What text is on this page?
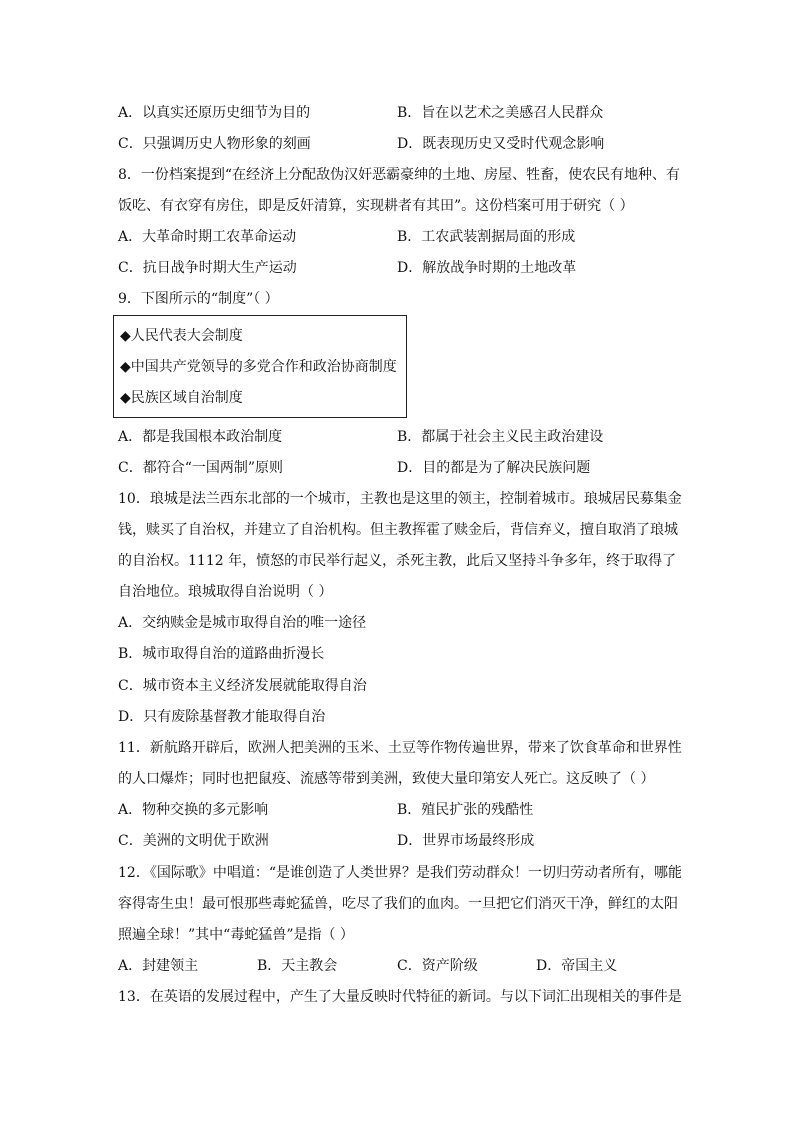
A．以真实还原历史细节为目的	B．旨在以艺术之美感召人民群众
C．只强调历史人物形象的刻画	D．既表现历史又受时代观念影响
8．一份档案提到“在经济上分配敌伪汉奸恶霸豪绅的土地、房屋、牲畜，使农民有地种、有
饭吃、有衣穿有房住，即是反奸清算，实现耕者有其田”。这份档案可用于研究（ ）
A．大革命时期工农革命运动	B．工农武装割据局面的形成
C．抗日战争时期大生产运动	D．解放战争时期的土地改革
9．下图所示的“制度”（ ）
◆人民代表大会制度
◆中国共产党领导的多党合作和政治协商制度
◆民族区域自治制度
A．都是我国根本政治制度	B．都属于社会主义民主政治建设
C．都符合“一国两制”原则	D．目的都是为了解决民族问题
10．琅城是法兰西东北部的一个城市，主教也是这里的领主，控制着城市。琅城居民募集金
钱，赎买了自治权，并建立了自治机构。但主教挥霍了赎金后，背信弃义，擅自取消了琅城
的自治权。1112 年，愤怒的市民举行起义，杀死主教，此后又坚持斗争多年，终于取得了
自治地位。琅城取得自治说明（ ）
A．交纳赎金是城市取得自治的唯一途径
B．城市取得自治的道路曲折漫长
C．城市资本主义经济发展就能取得自治
D．只有废除基督教才能取得自治
11．新航路开辟后，欧洲人把美洲的玉米、土豆等作物传遍世界，带来了饮食革命和世界性
的人口爆炸；同时也把鼠疫、流感等带到美洲，致使大量印第安人死亡。这反映了（ ）
A．物种交换的多元影响	B．殖民扩张的残酷性
C．美洲的文明优于欧洲	D．世界市场最终形成
12．《国际歌》中唱道：“是谁创造了人类世界？是我们劳动群众！一切归劳动者所有，哪能
容得寄生虫！最可恨那些毒蛇猛兽，吃尽了我们的血肉。一旦把它们消灭干净，鲜红的太阳
照遍全球！”其中“毒蛇猛兽”是指（ ）
A．封建领主	B．天主教会	C．资产阶级	D．帝国主义
13．在英语的发展过程中，产生了大量反映时代特征的新词。与以下词汇出现相关的事件是
